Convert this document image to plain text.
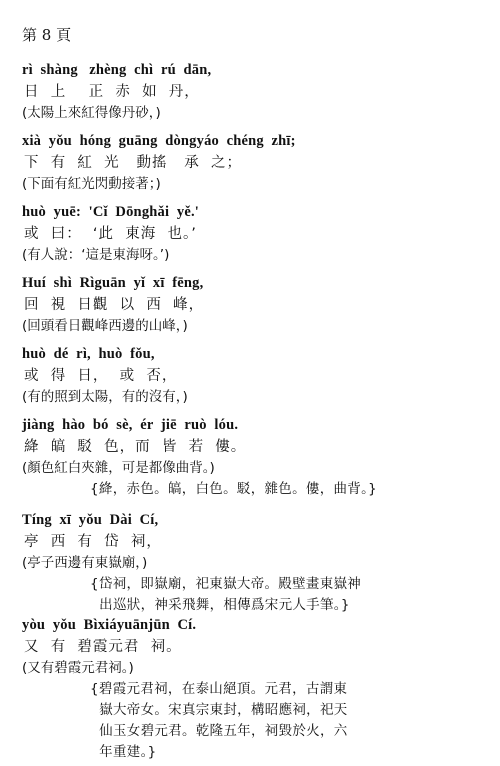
第 8 頁
rì  shàng   zhèng  chì  rú  dān,
日  上    正  赤  如  丹，
(太陽上來紅得像丹砂，)
xià  yǒu  hóng  guāng  dòngyáo  chéng  zhī;
下  有  紅  光   動搖   承  之；
(下面有紅光閃動接著；)
huò  yuē:  'Cǐ  Dōnghǎi  yě.'
或  曰：  ‘此  東海  也。’
(有人說：‘這是東海呀。’)
Huí  shì  Rìguān  yǐ  xī  fēng,
回  視  日觀  以  西  峰，
(回頭看日觀峰西邊的山峰，)
huò  dé  rì,  huò  fǒu,
或  得  日，  或  否，
(有的照到太陽，有的沒有，)
jiàng  hào  bó  sè,  ér  jiē  ruò  lóu.
絳  皜  駁  色，而  皆  若  僂。
(顏色紅白夾雜，可是都像曲背。)
{絳，赤色。皜，白色。駁，雜色。僂，曲背。}
Tíng  xī  yǒu  Dài  Cí,
亭  西  有  岱  祠，
(亭子西邊有東嶽廟，)
{岱祠，即嶽廟，祀東嶽大帝。殿壁畫東嶽神
出巡狀，神采飛舞，相傳爲宋元人手筆。}
yòu  yǒu  Bìxiáyuānjūn  Cí.
又  有  碧霞元君  祠。
(又有碧霞元君祠。)
{碧霞元君祠，在泰山絕頂。元君，古謂東
嶽大帝女。宋真宗東封，構昭應祠，祀天
仙玉女碧元君。乾隆五年，祠毀於火，六
年重建。}
